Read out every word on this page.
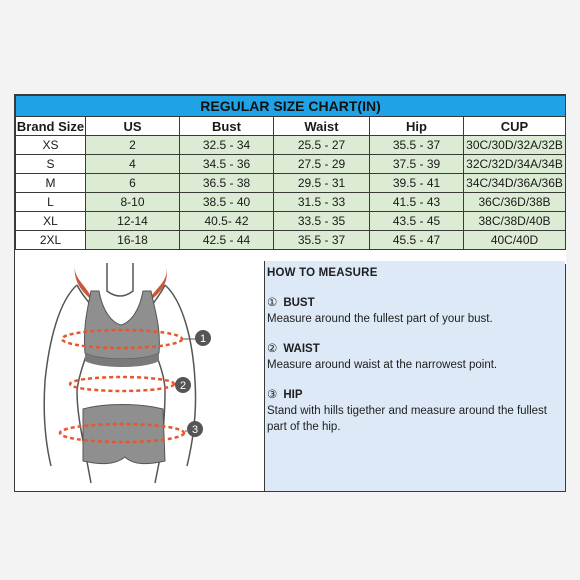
REGULAR SIZE CHART(IN)					
Brand Size	US	Bust	Waist	Hip	CUP
XS	2	32.5 - 34	25.5 - 27	35.5 - 37	30C/30D/32A/32B
S	4	34.5 - 36	27.5 - 29	37.5 - 39	32C/32D/34A/34B
M	6	36.5 - 38	29.5 - 31	39.5 - 41	34C/34D/36A/36B
L	8-10	38.5 - 40	31.5 - 33	41.5 - 43	36C/36D/38B
XL	12-14	40.5- 42	33.5 - 35	43.5 - 45	38C/38D/40B
2XL	16-18	42.5 - 44	35.5 - 37	45.5 - 47	40C/40D

1
2
3
HOW TO MEASURE
① BUST
Measure around the fullest part of your bust.
② WAIST
Measure around waist at the narrowest point.
③ HIP
Stand with hills tigether and measure around the fullest part of the hip.
